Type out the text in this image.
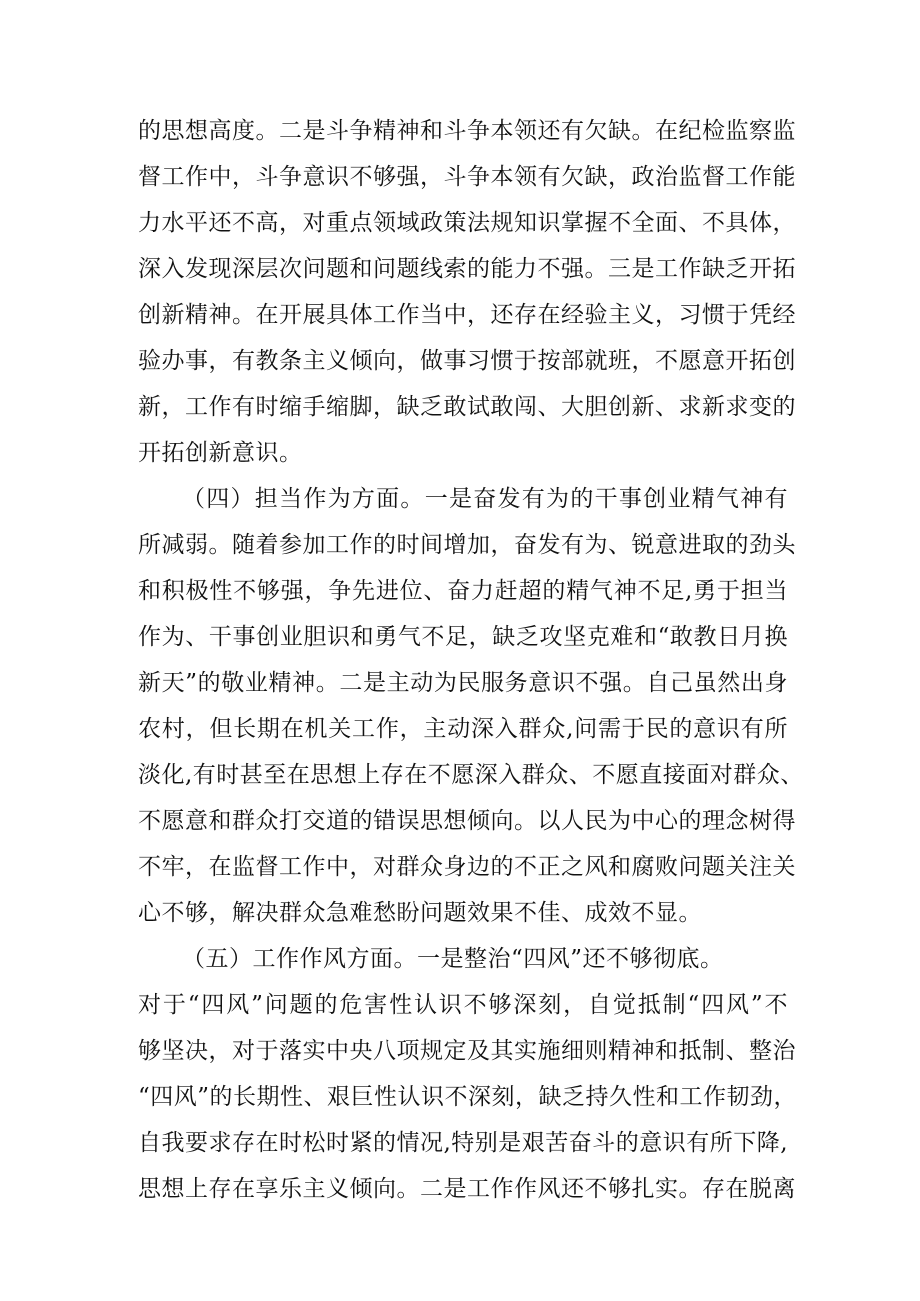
的思想高度。二是斗争精神和斗争本领还有欠缺。在纪检监察监
督工作中，斗争意识不够强，斗争本领有欠缺，政治监督工作能
力水平还不高，对重点领域政策法规知识掌握不全面、不具体，
深入发现深层次问题和问题线索的能力不强。三是工作缺乏开拓
创新精神。在开展具体工作当中，还存在经验主义，习惯于凭经
验办事，有教条主义倾向，做事习惯于按部就班，不愿意开拓创
新，工作有时缩手缩脚，缺乏敢试敢闯、大胆创新、求新求变的
开拓创新意识。
（四）担当作为方面。一是奋发有为的干事创业精气神有
所减弱。随着参加工作的时间增加，奋发有为、锐意进取的劲头
和积极性不够强，争先进位、奋力赶超的精气神不足,勇于担当
作为、干事创业胆识和勇气不足，缺乏攻坚克难和“敢教日月换
新天”的敬业精神。二是主动为民服务意识不强。自己虽然出身
农村，但长期在机关工作，主动深入群众,问需于民的意识有所
淡化,有时甚至在思想上存在不愿深入群众、不愿直接面对群众、
不愿意和群众打交道的错误思想倾向。以人民为中心的理念树得
不牢，在监督工作中，对群众身边的不正之风和腐败问题关注关
心不够，解决群众急难愁盼问题效果不佳、成效不显。
（五）工作作风方面。一是整治“四风”还不够彻底。
对于“四风”问题的危害性认识不够深刻，自觉抵制“四风”不
够坚决，对于落实中央八项规定及其实施细则精神和抵制、整治
“四风”的长期性、艰巨性认识不深刻，缺乏持久性和工作韧劲，
自我要求存在时松时紧的情况,特别是艰苦奋斗的意识有所下降,
思想上存在享乐主义倾向。二是工作作风还不够扎实。存在脱离
